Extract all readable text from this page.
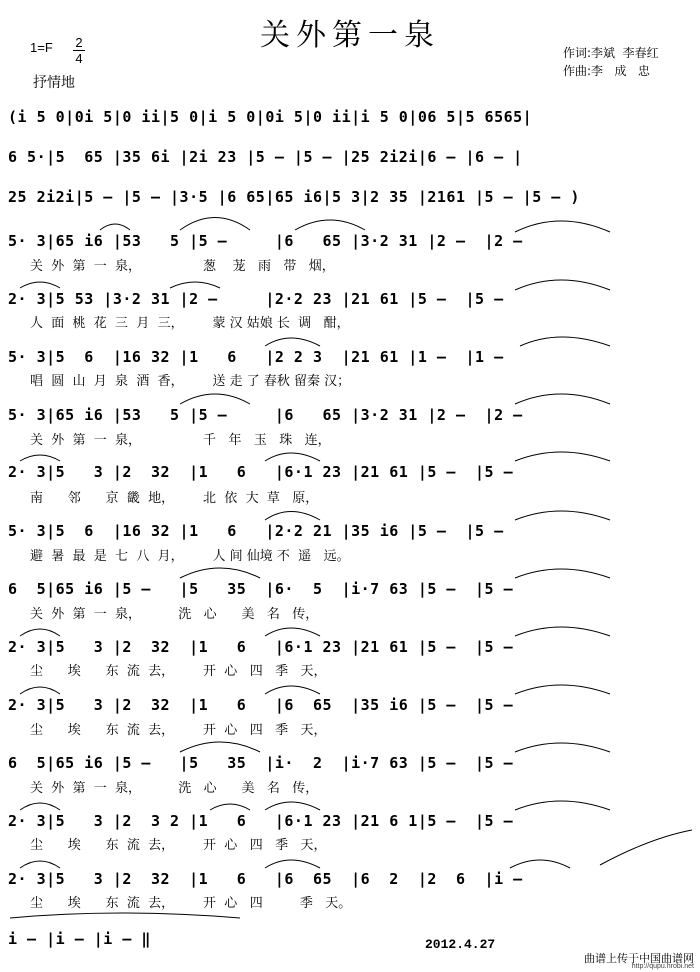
关外第一泉
1=F 2
4
抒情地
作词:李斌  李春红
作曲:李   成   忠
(i 5 0|0i 5|0 ii|5 0|i 5 0|0i 5|0 ii|i 5 0|06 5|5 6565|
6 5·|5  65 |35 6i |2i 23 |5 — |5 — |25 2i2i|6 — |6 — |
25 2i2i|5 — |5 — |3·5 |6 65|65 i6|5 3|2 35 |2161 |5 — |5 — )
5· 3|65 i6 |53   5 |5 —     |6   65 |3·2 31 |2 —  |2 —
关  外  第  一  泉，               葱    茏   雨   带   烟，
2· 3|5 53 |3·2 31 |2 —     |2·2 23 |21 61 |5 —  |5 —
人  面  桃  花  三  月  三，       蒙 汉 姑娘 长  调   酣，
5· 3|5  6  |16 32 |1   6   |2 2 3  |21 61 |1 —  |1 —
唱  圆  山  月  泉  酒  香，       送 走 了 春秋 留秦 汉；
5· 3|65 i6 |53   5 |5 —     |6   65 |3·2 31 |2 —  |2 —
关  外  第  一  泉，               千   年   玉   珠   连，
2· 3|5   3 |2  32  |1   6   |6·1 23 |21 61 |5 —  |5 —
南      邻      京  畿  地，       北  依  大  草   原，
5· 3|5  6  |16 32 |1   6   |2·2 21 |35 i6 |5 —  |5 —
避  暑  最  是  七  八  月，       人 间 仙境 不  遥   远。
6  5|65 i6 |5 —   |5   35  |6·  5  |i·7 63 |5 —  |5 —
关  外  第  一  泉，         洗   心      美   名   传，
2· 3|5   3 |2  32  |1   6   |6·1 23 |21 61 |5 —  |5 —
尘      埃      东  流  去，       开  心   四   季   天，
2· 3|5   3 |2  32  |1   6   |6  65  |35 i6 |5 —  |5 —
尘      埃      东  流  去，       开  心   四   季   天，
6  5|65 i6 |5 —   |5   35  |i·  2  |i·7 63 |5 —  |5 —
关  外  第  一  泉，         洗   心      美   名   传，
2· 3|5   3 |2  3 2 |1   6   |6·1 23 |21 6 1|5 —  |5 —
尘      埃      东  流  去，       开  心   四   季   天，
2· 3|5   3 |2  32  |1   6   |6  65  |6  2  |2  6  |i —
尘      埃      东  流  去，       开  心   四         季   天。
i — |i — |i — ‖	2012.4.27
曲谱上传于中国曲谱网
http://qupu.hrobi.net
